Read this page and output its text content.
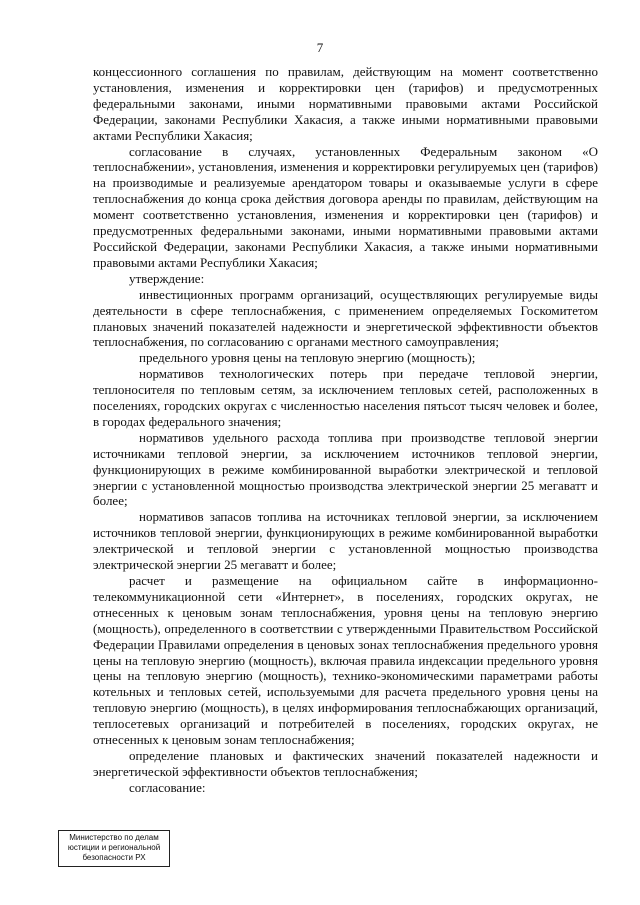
7

концессионного соглашения по правилам, действующим на момент соответственно установления, изменения и корректировки цен (тарифов) и предусмотренных федеральными законами, иными нормативными правовыми актами Российской Федерации, законами Республики Хакасия, а также иными нормативными правовыми актами Республики Хакасия;

согласование в случаях, установленных Федеральным законом «О теплоснабжении», установления, изменения и корректировки регулируемых цен (тарифов) на производимые и реализуемые арендатором товары и оказываемые услуги в сфере теплоснабжения до конца срока действия договора аренды по правилам, действующим на момент соответственно установления, изменения и корректировки цен (тарифов) и предусмотренных федеральными законами, иными нормативными правовыми актами Российской Федерации, законами Республики Хакасия, а также иными нормативными правовыми актами Республики Хакасия;

утверждение:

инвестиционных программ организаций, осуществляющих регулируемые виды деятельности в сфере теплоснабжения, с применением определяемых Госкомитетом плановых значений показателей надежности и энергетической эффективности объектов теплоснабжения, по согласованию с органами местного самоуправления;

предельного уровня цены на тепловую энергию (мощность);

нормативов технологических потерь при передаче тепловой энергии, теплоносителя по тепловым сетям, за исключением тепловых сетей, расположенных в поселениях, городских округах с численностью населения пятьсот тысяч человек и более, в городах федерального значения;

нормативов удельного расхода топлива при производстве тепловой энергии источниками тепловой энергии, за исключением источников тепловой энергии, функционирующих в режиме комбинированной выработки электрической и тепловой энергии с установленной мощностью производства электрической энергии 25 мегаватт и более;

нормативов запасов топлива на источниках тепловой энергии, за исключением источников тепловой энергии, функционирующих в режиме комбинированной выработки электрической и тепловой энергии с установленной мощностью производства электрической энергии 25 мегаватт и более;

расчет и размещение на официальном сайте в информационно-телекоммуникационной сети «Интернет», в поселениях, городских округах, не отнесенных к ценовым зонам теплоснабжения, уровня цены на тепловую энергию (мощность), определенного в соответствии с утвержденными Правительством Российской Федерации Правилами определения в ценовых зонах теплоснабжения предельного уровня цены на тепловую энергию (мощность), включая правила индексации предельного уровня цены на тепловую энергию (мощность), технико-экономическими параметрами работы котельных и тепловых сетей, используемыми для расчета предельного уровня цены на тепловую энергию (мощность), в целях информирования теплоснабжающих организаций, теплосетевых организаций и потребителей в поселениях, городских округах, не отнесенных к ценовым зонам теплоснабжения;

определение плановых и фактических значений показателей надежности и энергетической эффективности объектов теплоснабжения;

согласование:

Министерство по делам
юстиции и региональной
безопасности РХ
